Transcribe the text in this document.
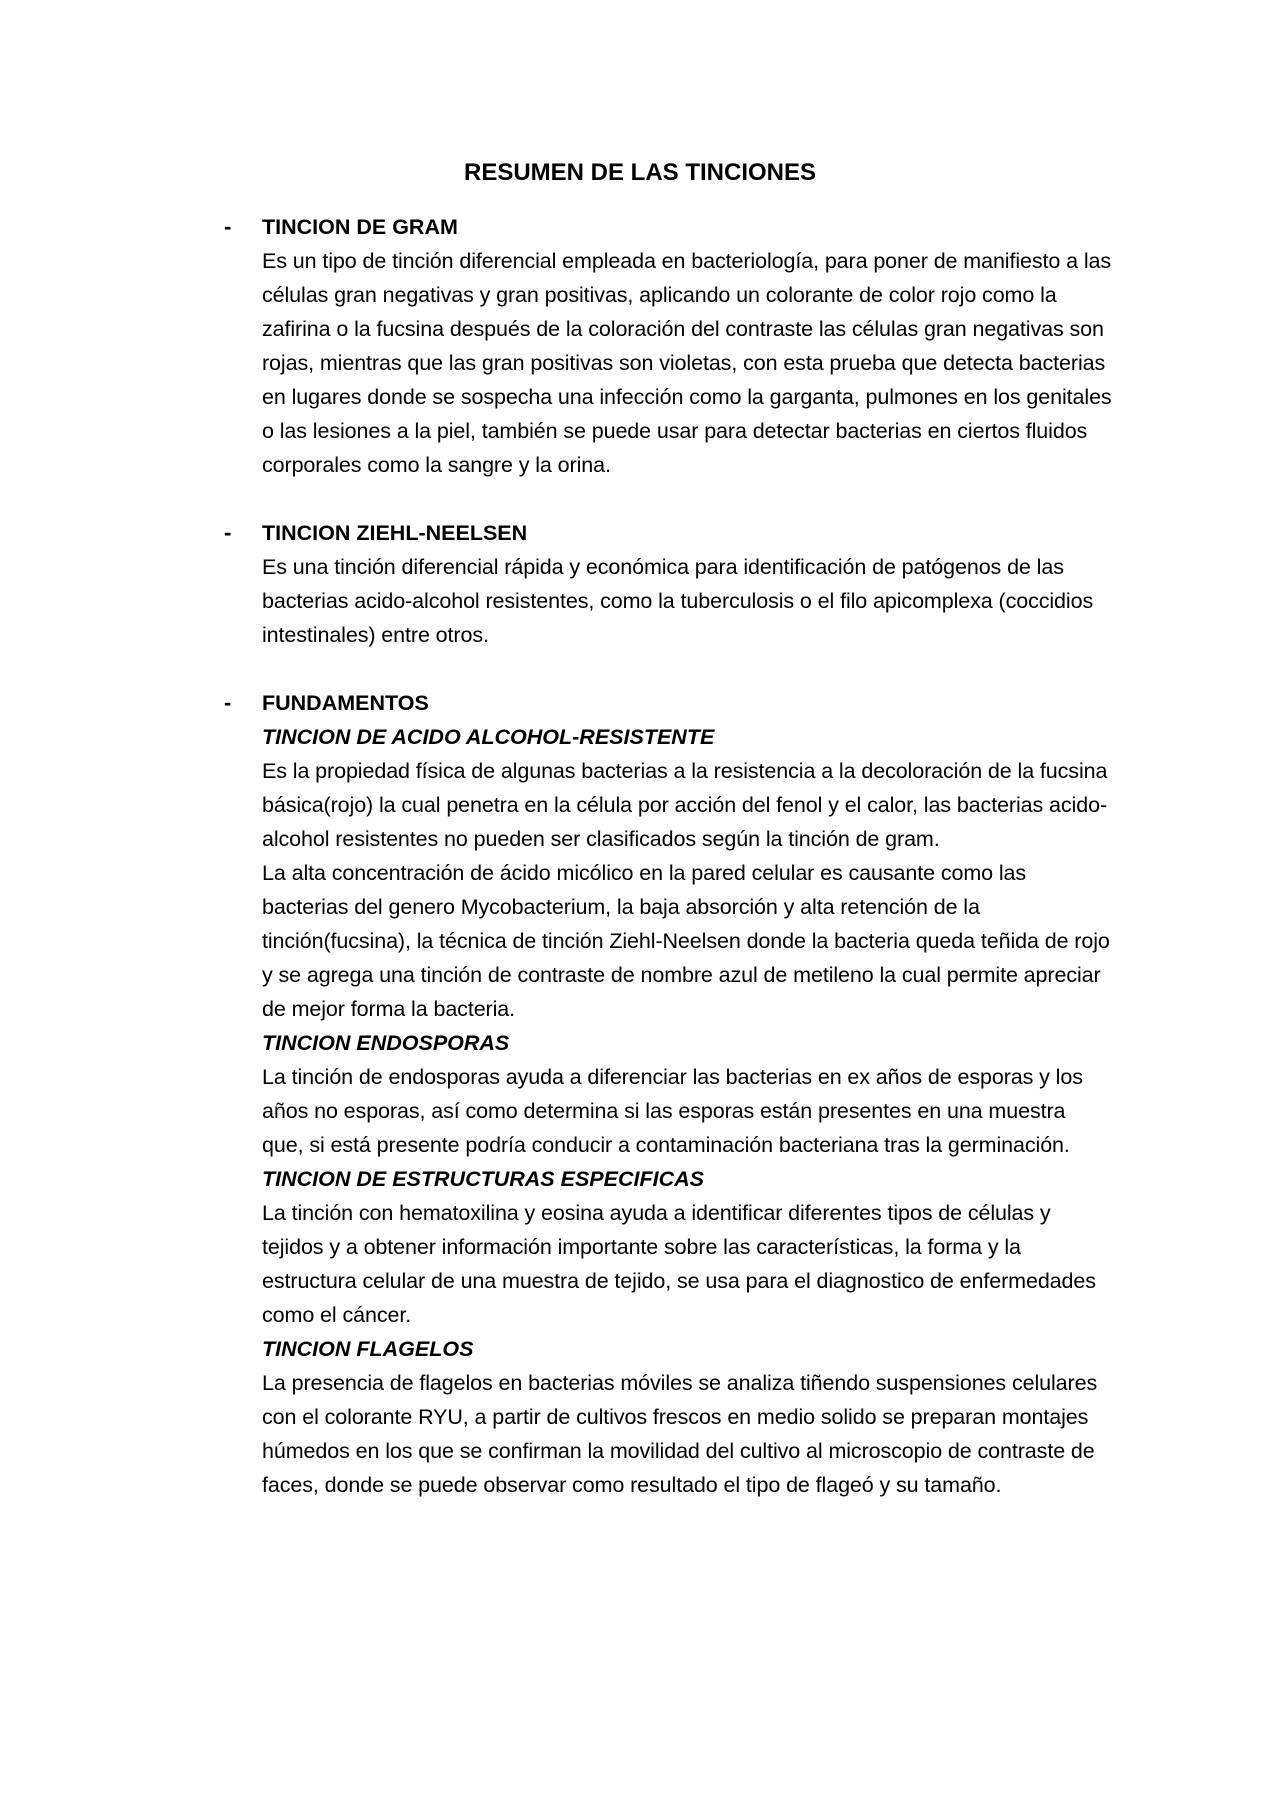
RESUMEN DE LAS TINCIONES
- TINCION DE GRAM

Es un tipo de tinción diferencial empleada en bacteriología, para poner de manifiesto a las células gran negativas y gran positivas, aplicando un colorante de color rojo como la zafirina o la fucsina después de la coloración del contraste las células gran negativas son rojas, mientras que las gran positivas son violetas, con esta prueba que detecta bacterias en lugares donde se sospecha una infección como la garganta, pulmones en los genitales o las lesiones a la piel, también se puede usar para detectar bacterias en ciertos fluidos corporales como la sangre y la orina.

- TINCION ZIEHL-NEELSEN

Es una tinción diferencial rápida y económica para identificación de patógenos de las bacterias acido-alcohol resistentes, como la tuberculosis o el filo apicomplexa (coccidios intestinales) entre otros.

- FUNDAMENTOS

TINCION DE ACIDO ALCOHOL-RESISTENTE

Es la propiedad física de algunas bacterias a la resistencia a la decoloración de la fucsina básica(rojo) la cual penetra en la célula por acción del fenol y el calor, las bacterias acido-alcohol resistentes no pueden ser clasificados según la tinción de gram.

La alta concentración de ácido micólico en la pared celular es causante como las bacterias del genero Mycobacterium, la baja absorción y alta retención de la tinción(fucsina), la técnica de tinción Ziehl-Neelsen donde la bacteria queda teñida de rojo y se agrega una tinción de contraste de nombre azul de metileno la cual permite apreciar de mejor forma la bacteria.

TINCION ENDOSPORAS

La tinción de endosporas ayuda a diferenciar las bacterias en ex años de esporas y los años no esporas, así como determina si las esporas están presentes en una muestra que, si está presente podría conducir a contaminación bacteriana tras la germinación.

TINCION DE ESTRUCTURAS ESPECIFICAS

La tinción con hematoxilina y eosina ayuda a identificar diferentes tipos de células y tejidos y a obtener información importante sobre las características, la forma y la estructura celular de una muestra de tejido, se usa para el diagnostico de enfermedades como el cáncer.

TINCION FLAGELOS

La presencia de flagelos en bacterias móviles se analiza tiñendo suspensiones celulares con el colorante RYU, a partir de cultivos frescos en medio solido se preparan montajes húmedos en los que se confirman la movilidad del cultivo al microscopio de contraste de faces, donde se puede observar como resultado el tipo de flageó y su tamaño.
